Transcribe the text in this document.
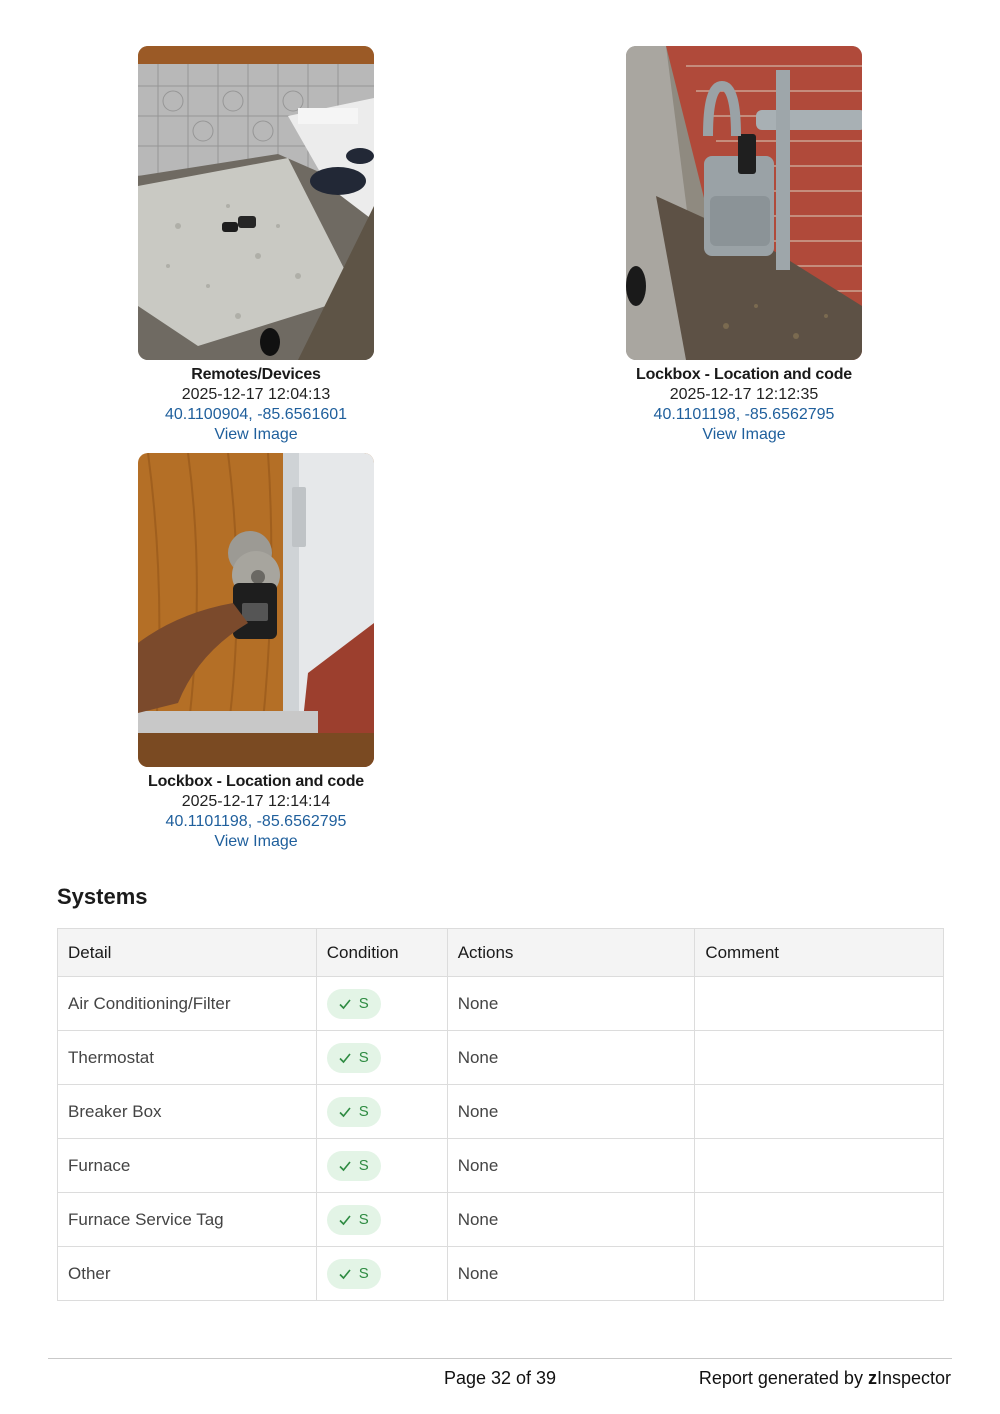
Remotes/Devices
2025-12-17 12:04:13
40.1100904, -85.6561601
View Image
Lockbox - Location and code
2025-12-17 12:12:35
40.1101198, -85.6562795
View Image
Lockbox - Location and code
2025-12-17 12:14:14
40.1101198, -85.6562795
View Image
Systems
Detail	Condition	Actions	Comment
Air Conditioning/Filter	S	None	
Thermostat	S	None	
Breaker Box	S	None	
Furnace	S	None	
Furnace Service Tag	S	None	
Other	S	None	
Page 32 of 39	Report generated by zInspector
